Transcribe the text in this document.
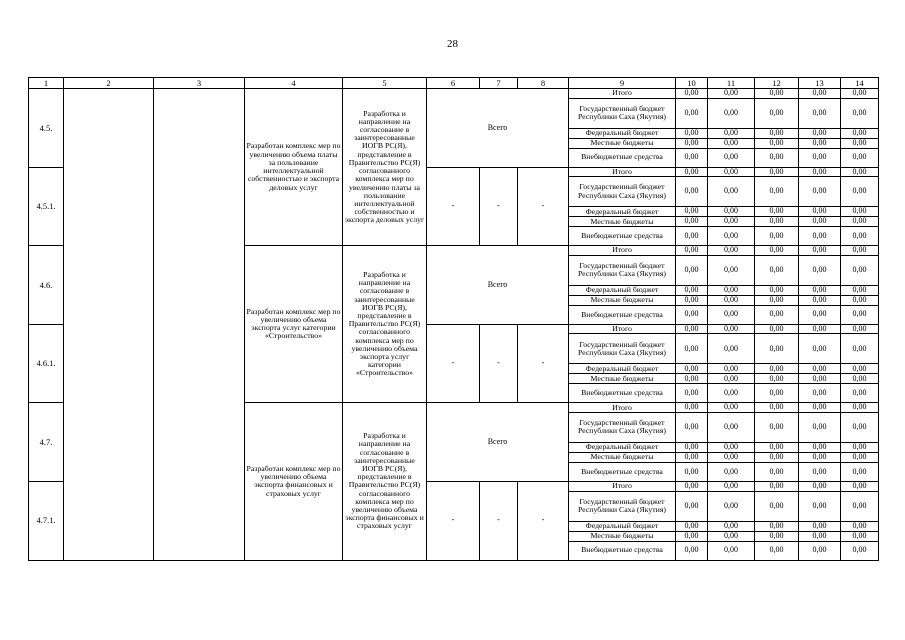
28
1	2	3	4	5	6	7	8	9	10	11	12	13	14
4.5.			Разработан комплекс мер по увеличению объема платы за пользование интеллектуальной собственностью и экспорта деловых услуг	Разработка и направление на согласование в заинтересованные ИОГВ РС(Я), представление в Правительство РС(Я) согласованного комплекса мер по увеличению платы за пользование интеллектуальной собственностью и экспорта деловых услуг	Всего			Итого	0,00	0,00	0,00	0,00	0,00
								Государственный бюджет Республики Саха (Якутия)	0,00	0,00	0,00	0,00	0,00
								Федеральный бюджет	0,00	0,00	0,00	0,00	0,00
								Местные бюджеты	0,00	0,00	0,00	0,00	0,00
								Внебюджетные средства	0,00	0,00	0,00	0,00	0,00
4.5.1.					-	-	-	Итого	0,00	0,00	0,00	0,00	0,00
								Государственный бюджет Республики Саха (Якутия)	0,00	0,00	0,00	0,00	0,00
								Федеральный бюджет	0,00	0,00	0,00	0,00	0,00
								Местные бюджеты	0,00	0,00	0,00	0,00	0,00
								Внебюджетные средства	0,00	0,00	0,00	0,00	0,00
4.6.			Разработан комплекс мер по увеличению объема экспорта услуг категории «Строительство»	Разработка и направление на согласование в заинтересованные ИОГВ РС(Я), представление в Правительство РС(Я) согласованного комплекса мер по увеличению объема экспорта услуг категории «Строительство»	Всего			Итого	0,00	0,00	0,00	0,00	0,00
								Государственный бюджет Республики Саха (Якутия)	0,00	0,00	0,00	0,00	0,00
								Федеральный бюджет	0,00	0,00	0,00	0,00	0,00
								Местные бюджеты	0,00	0,00	0,00	0,00	0,00
								Внебюджетные средства	0,00	0,00	0,00	0,00	0,00
4.6.1.					-	-	-	Итого	0,00	0,00	0,00	0,00	0,00
								Государственный бюджет Республики Саха (Якутия)	0,00	0,00	0,00	0,00	0,00
								Федеральный бюджет	0,00	0,00	0,00	0,00	0,00
								Местные бюджеты	0,00	0,00	0,00	0,00	0,00
								Внебюджетные средства	0,00	0,00	0,00	0,00	0,00
4.7.			Разработан комплекс мер по увеличению объема экспорта финансовых и страховых услуг	Разработка и направление на согласование в заинтересованные ИОГВ РС(Я), представление в Правительство РС(Я) согласованного комплекса мер по увеличению объема экспорта финансовых и страховых услуг	Всего			Итого	0,00	0,00	0,00	0,00	0,00
								Государственный бюджет Республики Саха (Якутия)	0,00	0,00	0,00	0,00	0,00
								Федеральный бюджет	0,00	0,00	0,00	0,00	0,00
								Местные бюджеты	0,00	0,00	0,00	0,00	0,00
								Внебюджетные средства	0,00	0,00	0,00	0,00	0,00
4.7.1.					-	-	-	Итого	0,00	0,00	0,00	0,00	0,00
								Государственный бюджет Республики Саха (Якутия)	0,00	0,00	0,00	0,00	0,00
								Федеральный бюджет	0,00	0,00	0,00	0,00	0,00
								Местные бюджеты	0,00	0,00	0,00	0,00	0,00
								Внебюджетные средства	0,00	0,00	0,00	0,00	0,00
